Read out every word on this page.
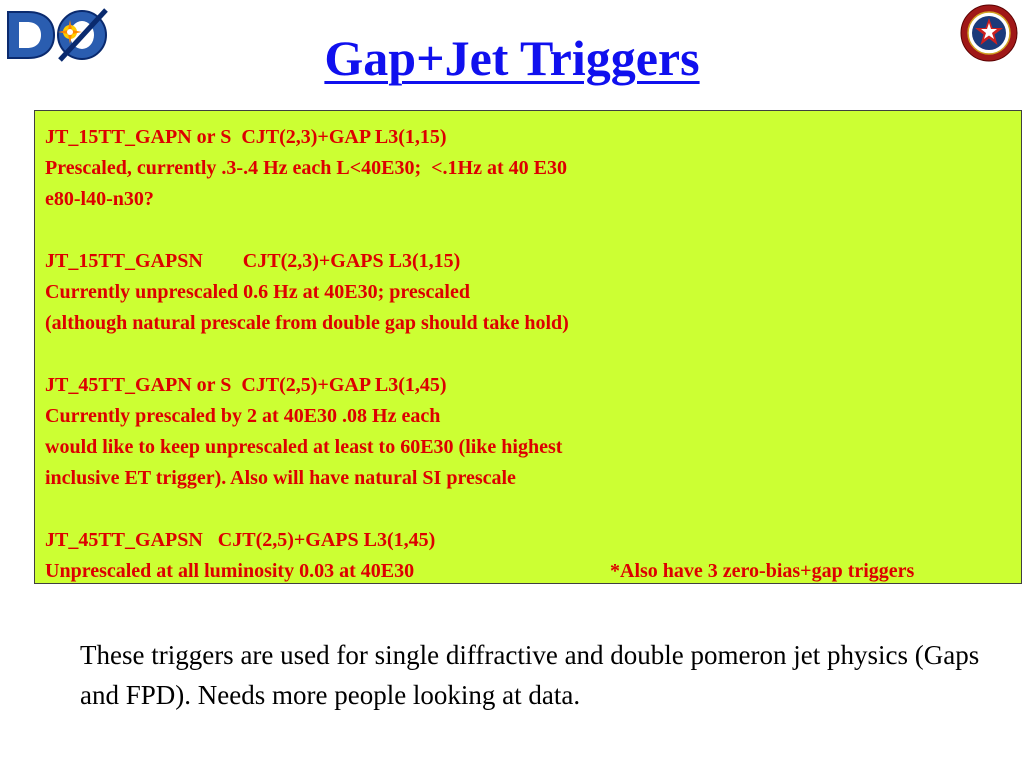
Gap+Jet Triggers
JT_15TT_GAPN or S  CJT(2,3)+GAP L3(1,15)
Prescaled, currently .3-.4 Hz each L<40E30;  <.1Hz at 40 E30
e80-l40-n30?
JT_15TT_GAPSN        CJT(2,3)+GAPS L3(1,15)
Currently unprescaled 0.6 Hz at 40E30; prescaled
(although natural prescale from double gap should take hold)
JT_45TT_GAPN or S  CJT(2,5)+GAP L3(1,45)
Currently prescaled by 2 at 40E30 .08 Hz each
would like to keep unprescaled at least to 60E30 (like highest
inclusive ET trigger). Also will have natural SI prescale
JT_45TT_GAPSN   CJT(2,5)+GAPS L3(1,45)
Unprescaled at all luminosity 0.03 at 40E30	*Also have 3 zero-bias+gap triggers
These triggers are used for single diffractive and double pomeron jet physics (Gaps and FPD). Needs more people looking at data.
